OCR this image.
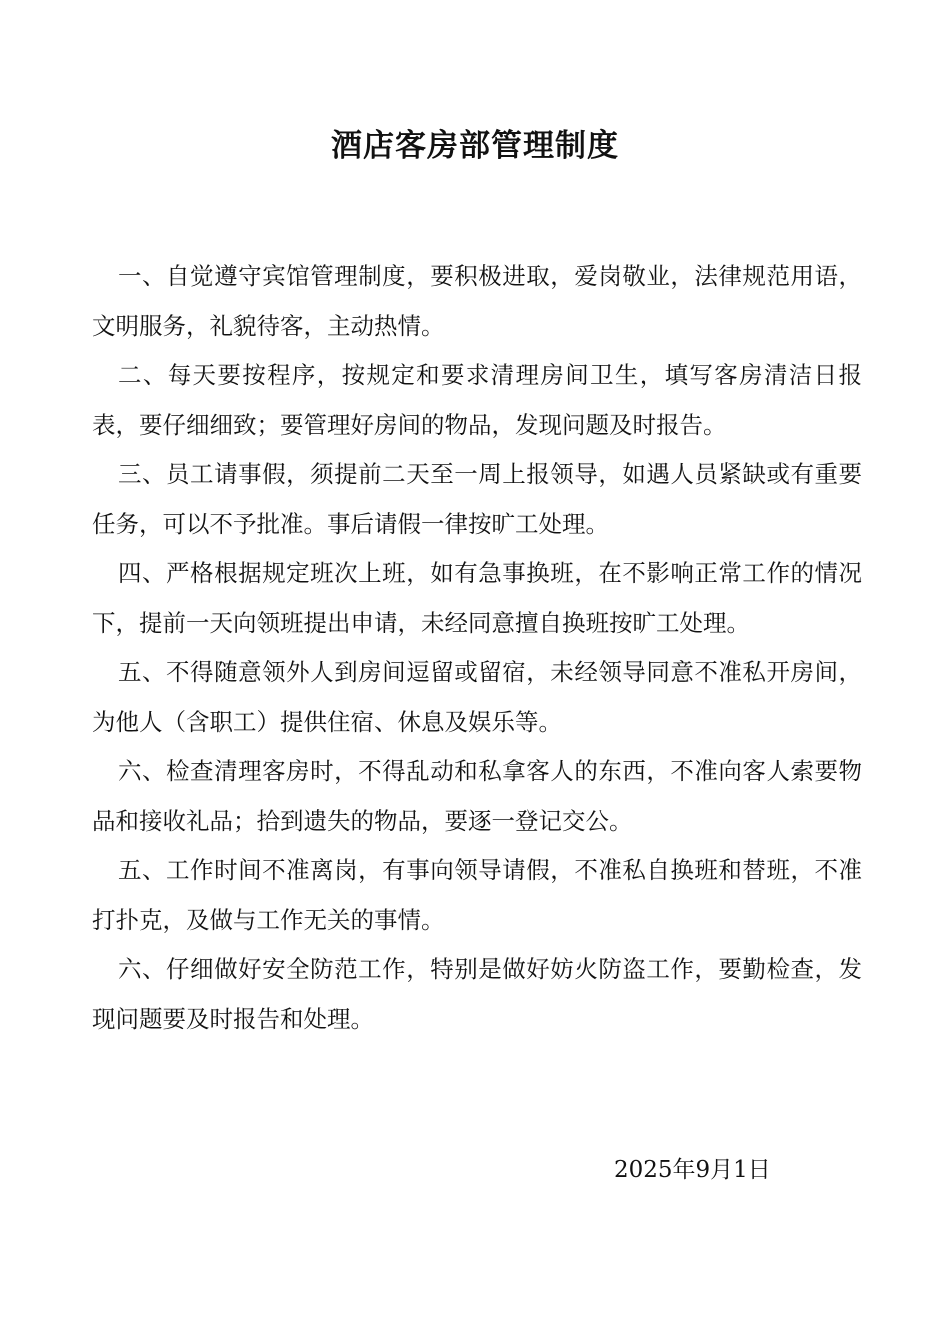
酒店客房部管理制度

一、自觉遵守宾馆管理制度，要积极进取，爱岗敬业，法律规范用语，文明服务，礼貌待客，主动热情。

二、每天要按程序，按规定和要求清理房间卫生，填写客房清洁日报表，要仔细细致；要管理好房间的物品，发现问题及时报告。

三、员工请事假，须提前二天至一周上报领导，如遇人员紧缺或有重要任务，可以不予批准。事后请假一律按旷工处理。

四、严格根据规定班次上班，如有急事换班，在不影响正常工作的情况下，提前一天向领班提出申请，未经同意擅自换班按旷工处理。

五、不得随意领外人到房间逗留或留宿，未经领导同意不准私开房间，为他人（含职工）提供住宿、休息及娱乐等。

六、检查清理客房时，不得乱动和私拿客人的东西，不准向客人索要物品和接收礼品；拾到遗失的物品，要逐一登记交公。

五、工作时间不准离岗，有事向领导请假，不准私自换班和替班，不准打扑克，及做与工作无关的事情。

六、仔细做好安全防范工作，特别是做好妨火防盗工作，要勤检查，发现问题要及时报告和处理。

2025年9月1日
